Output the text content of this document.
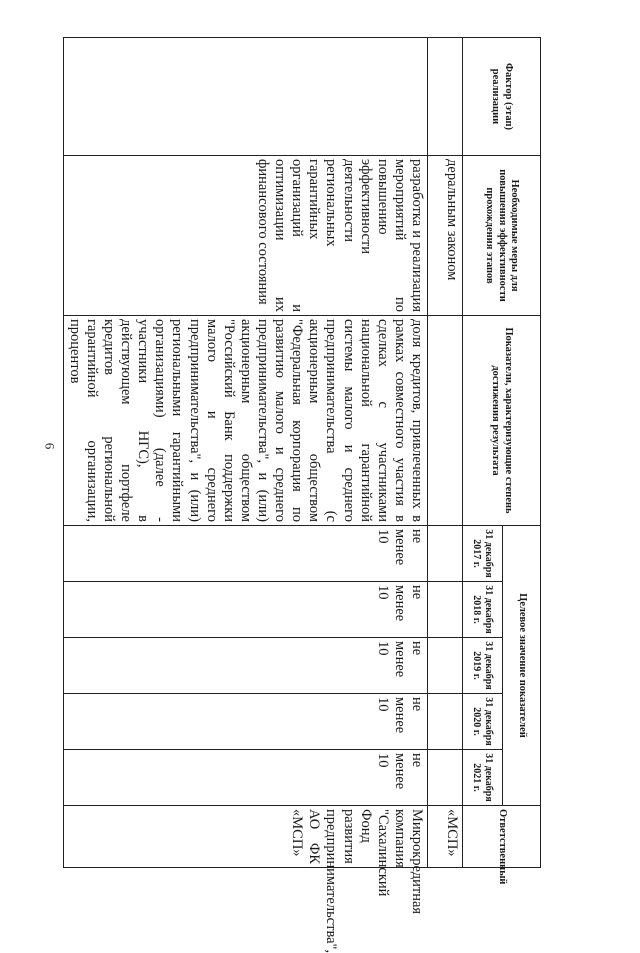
6
Фактор (этап) реализации	Необходимые меры для повышения эффективности прохождения этапов	Показатели, характеризующие степень достижения результата	Целевое значение показателей					Ответственный
			31 декабря 2017 г.	31 декабря 2018 г.	31 декабря 2019 г.	31 декабря 2020 г.	31 декабря 2021 г.	
	деральным законом							«МСП»
	разработка и реализация мероприятий по повышению эффективности деятельности региональных гарантийных организаций и оптимизации их финансового состояния	доля кредитов, привлеченных в рамках совместного участия в сделках с участниками национальной гарантийной системы малого и среднего предпринимательства (с акционерным обществом "Федеральная корпорация по развитию малого и среднего предпринимательства", и (или) акционерным обществом "Российский Банк поддержки малого и среднего предпринимательства", и (или) региональными гарантийными организациями) (далее - участники НГС), в действующем портфеле кредитов региональной гарантийной организации, процентов	не менее 10	не менее 10	не менее 10	не менее 10	не менее 10	Микрокредитная компания "Сахалинский Фонд развития предпринимательства", АО ФК «МСП»
